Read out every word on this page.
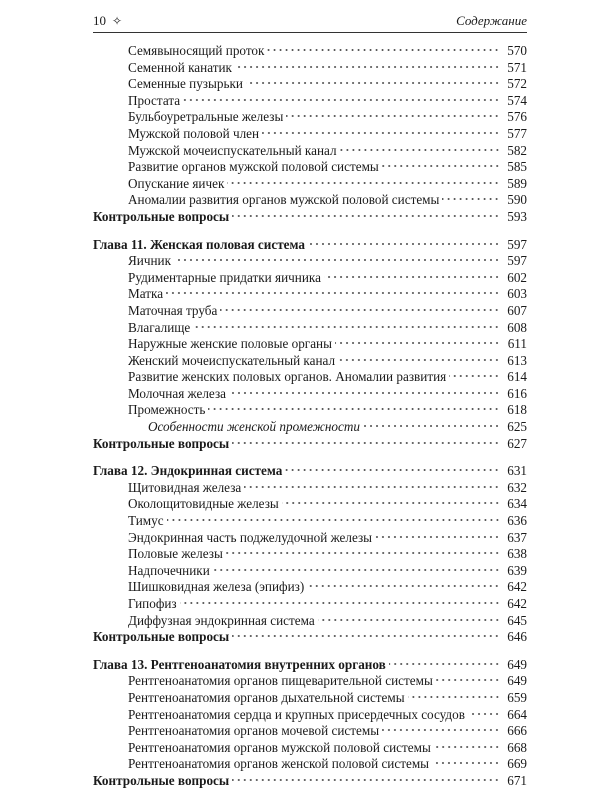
10 ✧	Содержание
Семявыносящий проток	570
Семенной канатик	571
Семенные пузырьки	572
Простата	574
Бульбоуретральные железы	576
Мужской половой член	577
Мужской мочеиспускательный канал	582
Развитие органов мужской половой системы	585
Опускание яичек	589
Аномалии развития органов мужской половой системы	590
Контрольные вопросы	593
Глава 11. Женская половая система	597
Яичник	597
Рудиментарные придатки яичника	602
Матка	603
Маточная труба	607
Влагалище	608
Наружные женские половые органы	611
Женский мочеиспускательный канал	613
Развитие женских половых органов. Аномалии развития	614
Молочная железа	616
Промежность	618
Особенности женской промежности	625
Контрольные вопросы	627
Глава 12. Эндокринная система	631
Щитовидная железа	632
Околощитовидные железы	634
Тимус	636
Эндокринная часть поджелудочной железы	637
Половые железы	638
Надпочечники	639
Шишковидная железа (эпифиз)	642
Гипофиз	642
Диффузная эндокринная система	645
Контрольные вопросы	646
Глава 13. Рентгеноанатомия внутренних органов	649
Рентгеноанатомия органов пищеварительной системы	649
Рентгеноанатомия органов дыхательной системы	659
Рентгеноанатомия сердца и крупных присердечных сосудов	664
Рентгеноанатомия органов мочевой системы	666
Рентгеноанатомия органов мужской половой системы	668
Рентгеноанатомия органов женской половой системы	669
Контрольные вопросы	671
